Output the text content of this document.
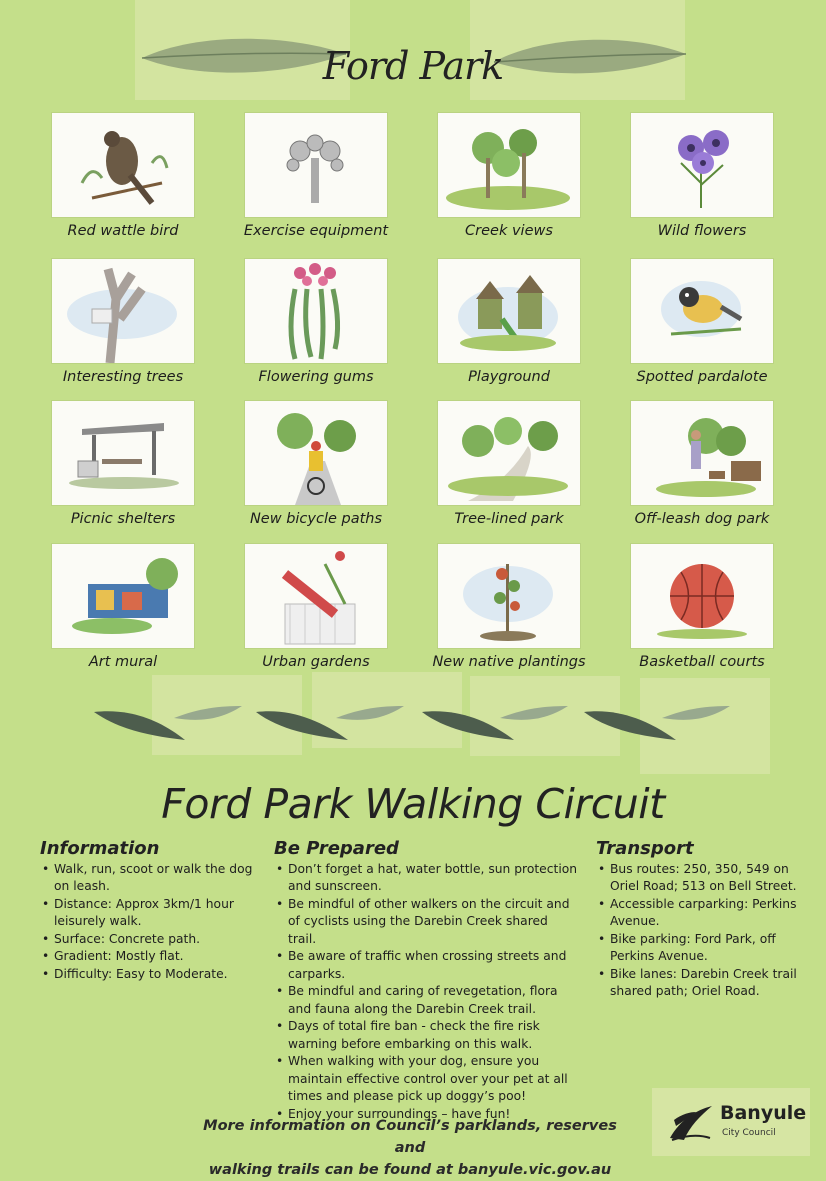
Ford Park
Red wattle bird	Exercise equipment	Creek views	Wild flowers
Interesting trees	Flowering gums	Playground	Spotted pardalote
Picnic shelters	New bicycle paths	Tree-lined park	Off-leash dog park
Art mural	Urban gardens	New native plantings	Basketball courts
Ford Park Walking Circuit
Information
• Walk, run, scoot or walk the dog on leash.
• Distance: Approx 3km/1 hour leisurely walk.
• Surface: Concrete path.
• Gradient: Mostly flat.
• Difficulty: Easy to Moderate.
Be Prepared
• Don’t forget a hat, water bottle, sun protection and sunscreen.
• Be mindful of other walkers on the circuit and of cyclists using the Darebin Creek shared trail.
• Be aware of traffic when crossing streets and carparks.
• Be mindful and caring of revegetation, flora and fauna along the Darebin Creek trail.
• Days of total fire ban - check the fire risk warning before embarking on this walk.
• When walking with your dog, ensure you maintain effective control over your pet at all times and please pick up doggy’s poo!
• Enjoy your surroundings – have fun!
Transport
• Bus routes: 250, 350, 549 on Oriel Road; 513 on Bell Street.
• Accessible carparking: Perkins Avenue.
• Bike parking: Ford Park, off Perkins Avenue.
• Bike lanes: Darebin Creek trail shared path; Oriel Road.
More information on Council’s parklands, reserves and
walking trails can be found at banyule.vic.gov.au
Banyule
City Council
